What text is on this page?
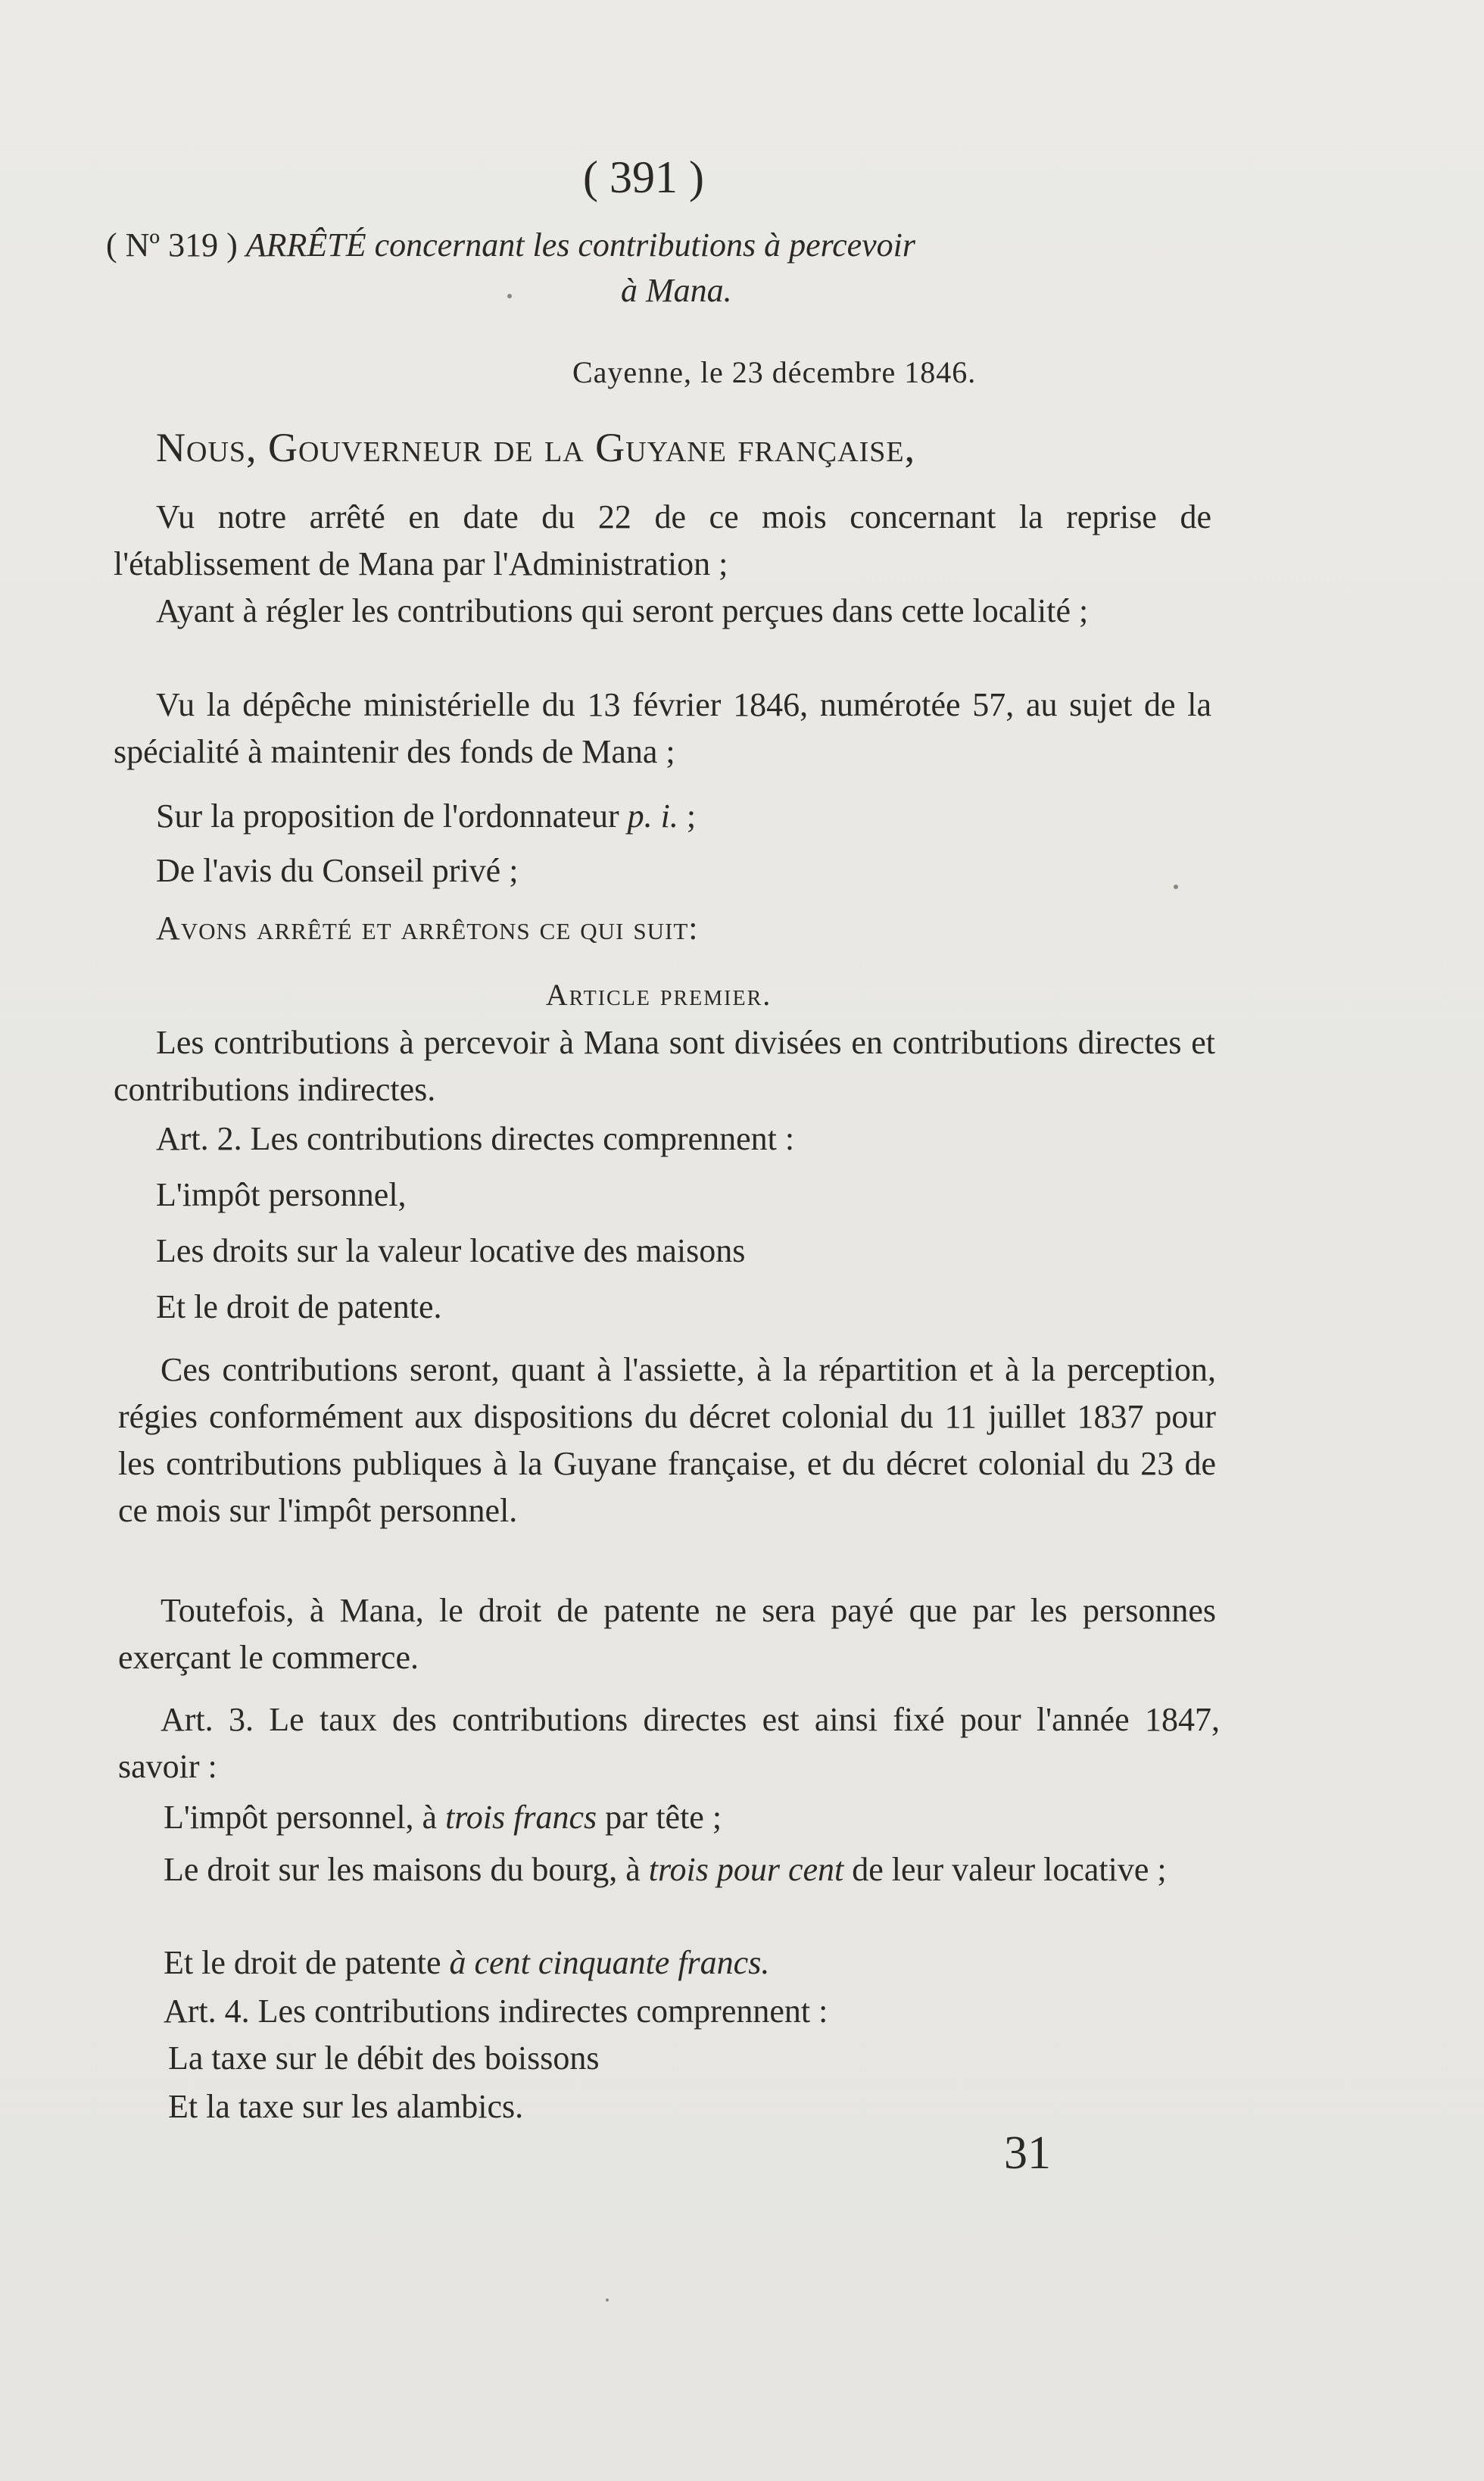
( 391 )
( Nº 319 ) ARRÊTÉ concernant les contributions à percevoir
à Mana.
Cayenne, le 23 décembre 1846.
Nous, Gouverneur de la Guyane française,
Vu notre arrêté en date du 22 de ce mois concernant la reprise de l'établissement de Mana par l'Administration ;
Ayant à régler les contributions qui seront perçues dans cette localité ;
Vu la dépêche ministérielle du 13 février 1846, numérotée 57, au sujet de la spécialité à maintenir des fonds de Mana ;
Sur la proposition de l'ordonnateur p. i. ;
De l'avis du Conseil privé ;
Avons arrêté et arrêtons ce qui suit:
Article premier.
Les contributions à percevoir à Mana sont divisées en contributions directes et contributions indirectes.
Art. 2. Les contributions directes comprennent :
L'impôt personnel,
Les droits sur la valeur locative des maisons
Et le droit de patente.
Ces contributions seront, quant à l'assiette, à la répartition et à la perception, régies conformément aux dispositions du décret colonial du 11 juillet 1837 pour les contributions publiques à la Guyane française, et du décret colonial du 23 de ce mois sur l'impôt personnel.
Toutefois, à Mana, le droit de patente ne sera payé que par les personnes exerçant le commerce.
Art. 3. Le taux des contributions directes est ainsi fixé pour l'année 1847, savoir :
L'impôt personnel, à trois francs par tête ;
Le droit sur les maisons du bourg, à trois pour cent de leur valeur locative ;
Et le droit de patente à cent cinquante francs.
Art. 4. Les contributions indirectes comprennent :
La taxe sur le débit des boissons
Et la taxe sur les alambics.
31
